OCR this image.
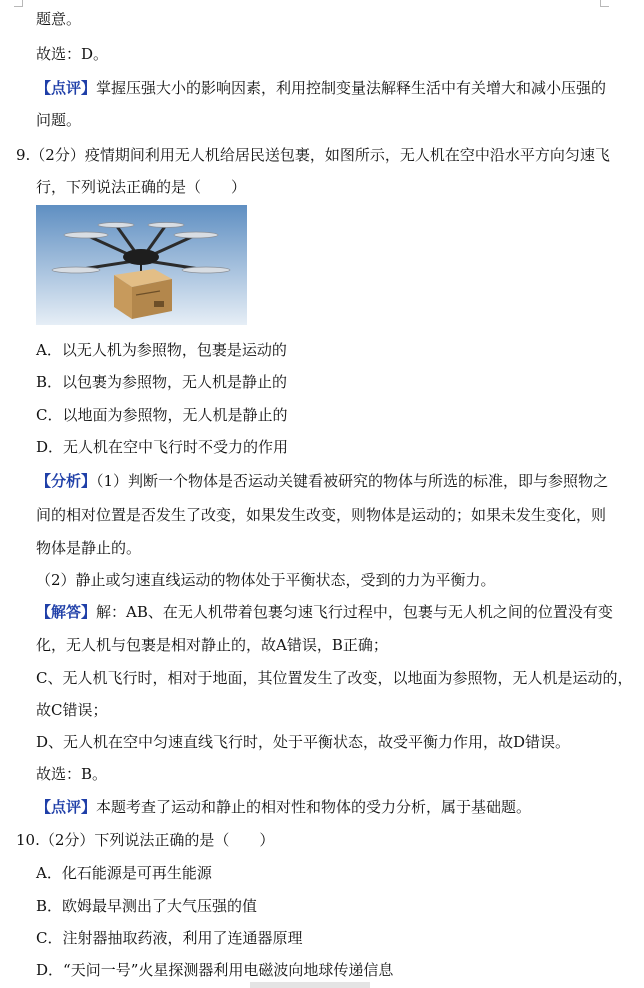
题意。
故选：D。
【点评】掌握压强大小的影响因素，利用控制变量法解释生活中有关增大和减小压强的
问题。
9.（2分）疫情期间利用无人机给居民送包裹，如图所示，无人机在空中沿水平方向匀速飞
行，下列说法正确的是（　　）
A．以无人机为参照物，包裹是运动的
B．以包裹为参照物，无人机是静止的
C．以地面为参照物，无人机是静止的
D．无人机在空中飞行时不受力的作用
【分析】（1）判断一个物体是否运动关键看被研究的物体与所选的标准，即与参照物之
间的相对位置是否发生了改变，如果发生改变，则物体是运动的；如果未发生变化，则
物体是静止的。
（2）静止或匀速直线运动的物体处于平衡状态，受到的力为平衡力。
【解答】解：AB、在无人机带着包裹匀速飞行过程中，包裹与无人机之间的位置没有变
化，无人机与包裹是相对静止的，故A错误，B正确；
C、无人机飞行时，相对于地面，其位置发生了改变，以地面为参照物，无人机是运动的，
故C错误；
D、无人机在空中匀速直线飞行时，处于平衡状态，故受平衡力作用，故D错误。
故选：B。
【点评】本题考查了运动和静止的相对性和物体的受力分析，属于基础题。
10.（2分）下列说法正确的是（　　）
A．化石能源是可再生能源
B．欧姆最早测出了大气压强的值
C．注射器抽取药液，利用了连通器原理
D．“天问一号”火星探测器利用电磁波向地球传递信息
